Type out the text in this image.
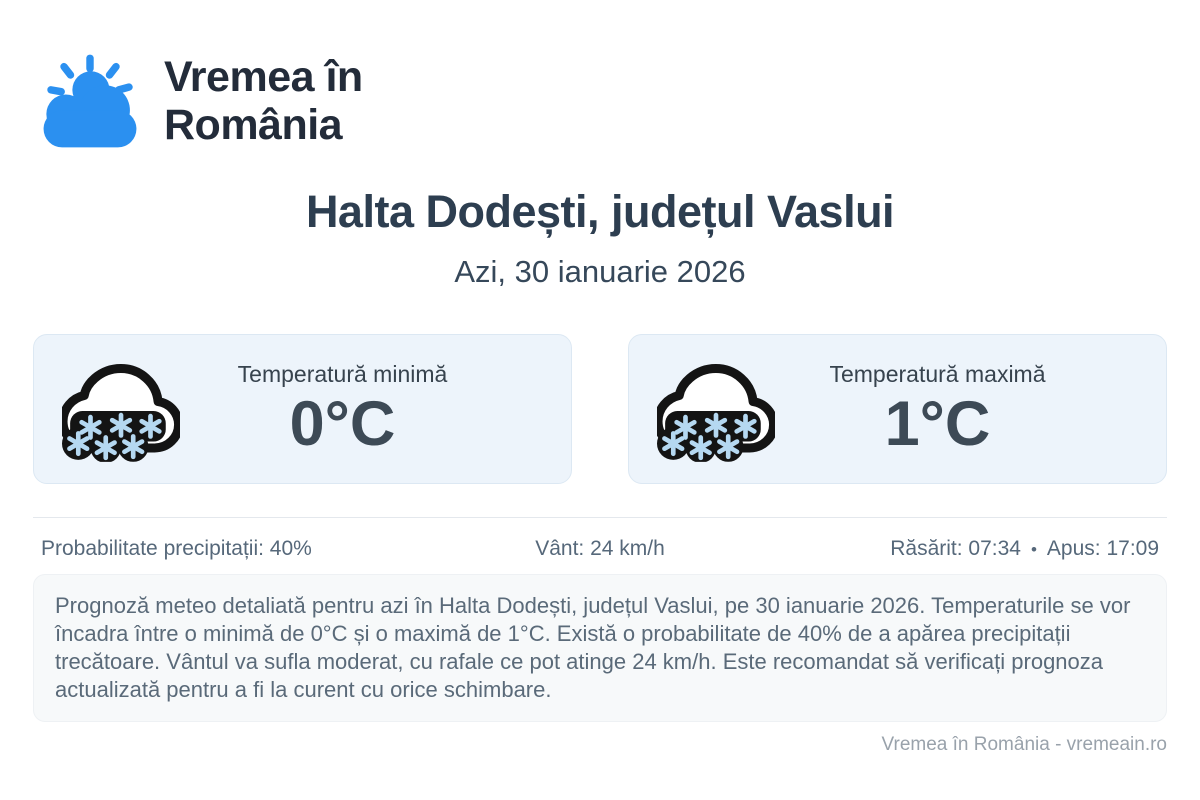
Vremea în
România
Halta Dodești, județul Vaslui
Azi, 30 ianuarie 2026
Temperatură minimă
0°C
Temperatură maximă
1°C
Probabilitate precipitații: 40%	Vânt: 24 km/h	Răsărit: 07:34 • Apus: 17:09
Prognoză meteo detaliată pentru azi în Halta Dodești, județul Vaslui, pe 30 ianuarie 2026. Temperaturile se vor încadra între o minimă de 0°C și o maximă de 1°C. Există o probabilitate de 40% de a apărea precipitații trecătoare. Vântul va sufla moderat, cu rafale ce pot atinge 24 km/h. Este recomandat să verificați prognoza actualizată pentru a fi la curent cu orice schimbare.
Vremea în România - vremeain.ro
